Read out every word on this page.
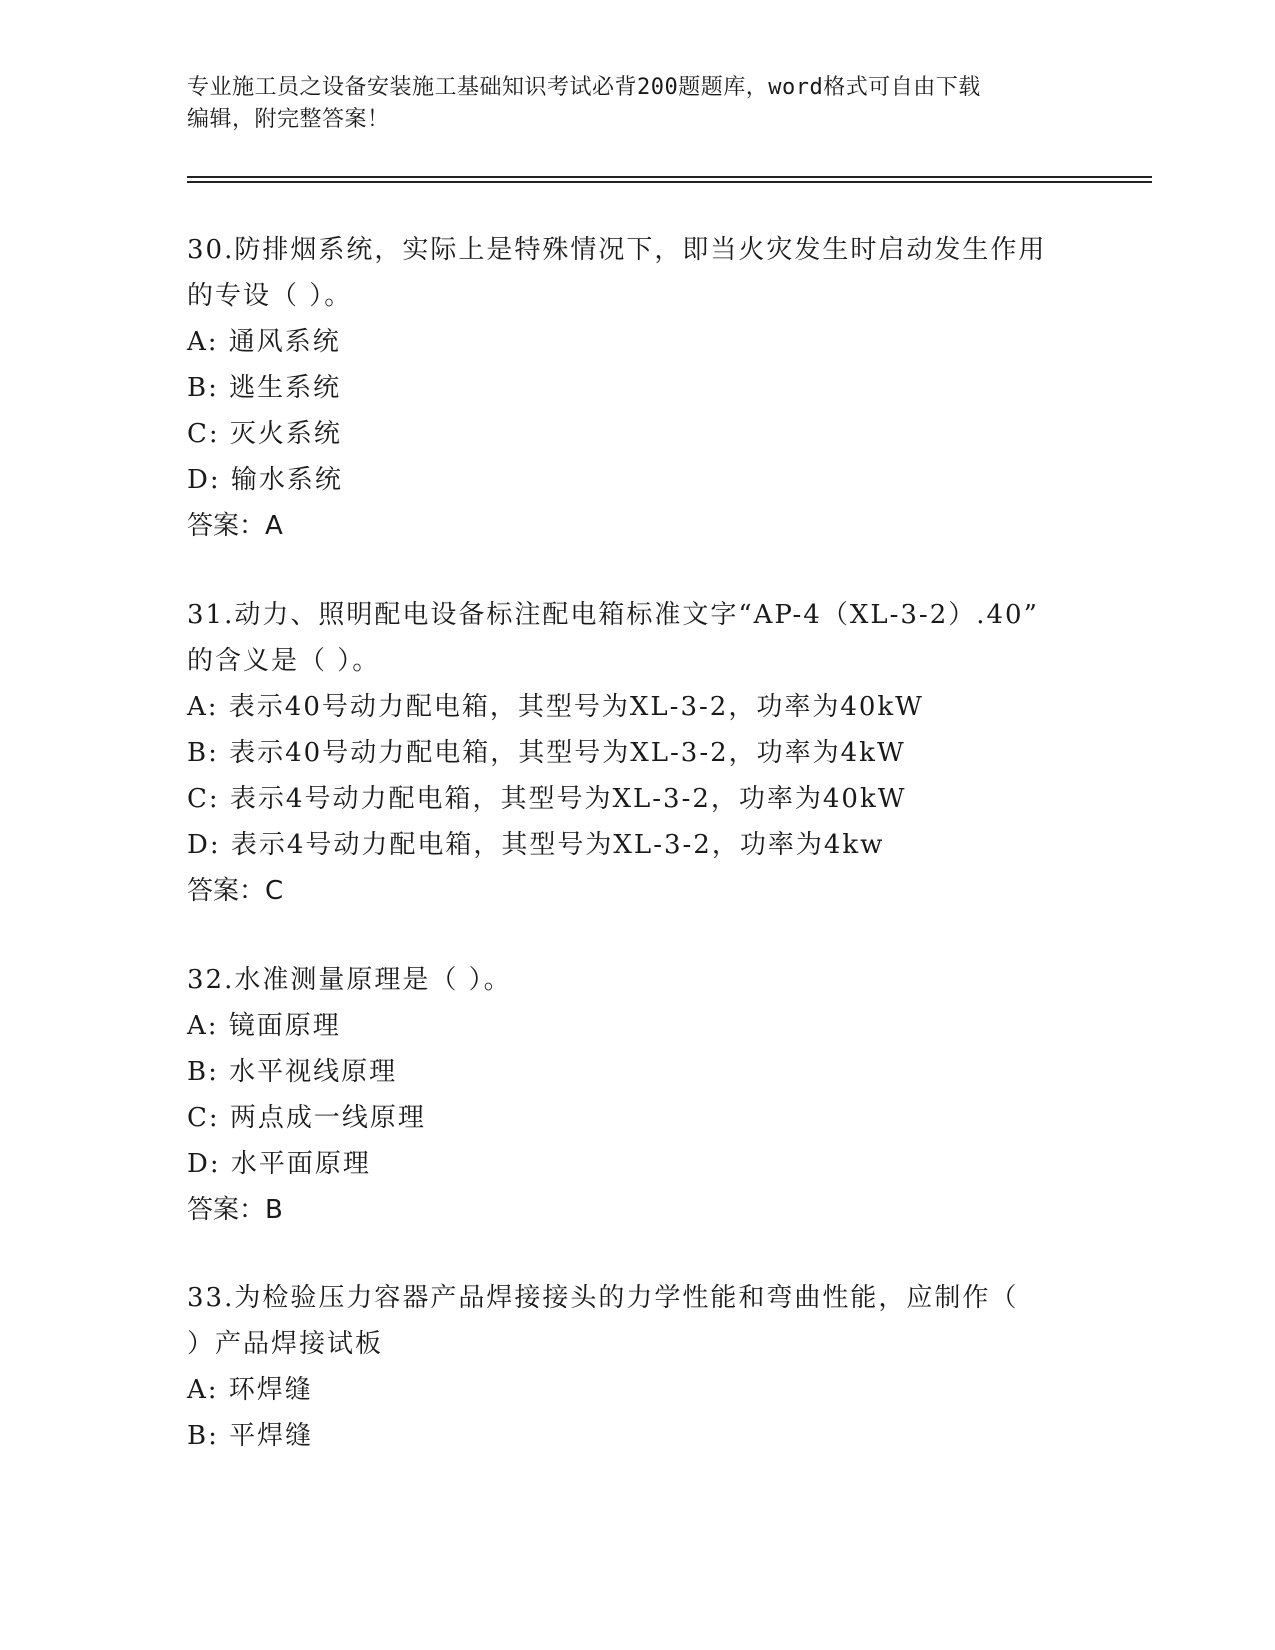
专业施工员之设备安装施工基础知识考试必背200题题库，word格式可自由下载
编辑，附完整答案！
30.防排烟系统，实际上是特殊情况下，即当火灾发生时启动发生作用
的专设（ ）。
A: 通风系统
B: 逃生系统
C: 灭火系统
D: 输水系统
答案：A
31.动力、照明配电设备标注配电箱标准文字“AP-4（XL-3-2）.40”
的含义是（ ）。
A: 表示40号动力配电箱，其型号为XL-3-2，功率为40kW
B: 表示40号动力配电箱，其型号为XL-3-2，功率为4kW
C: 表示4号动力配电箱，其型号为XL-3-2，功率为40kW
D: 表示4号动力配电箱，其型号为XL-3-2，功率为4kw
答案：C
32.水准测量原理是（ ）。
A: 镜面原理
B: 水平视线原理
C: 两点成一线原理
D: 水平面原理
答案：B
33.为检验压力容器产品焊接接头的力学性能和弯曲性能，应制作（
）产品焊接试板
A: 环焊缝
B: 平焊缝
